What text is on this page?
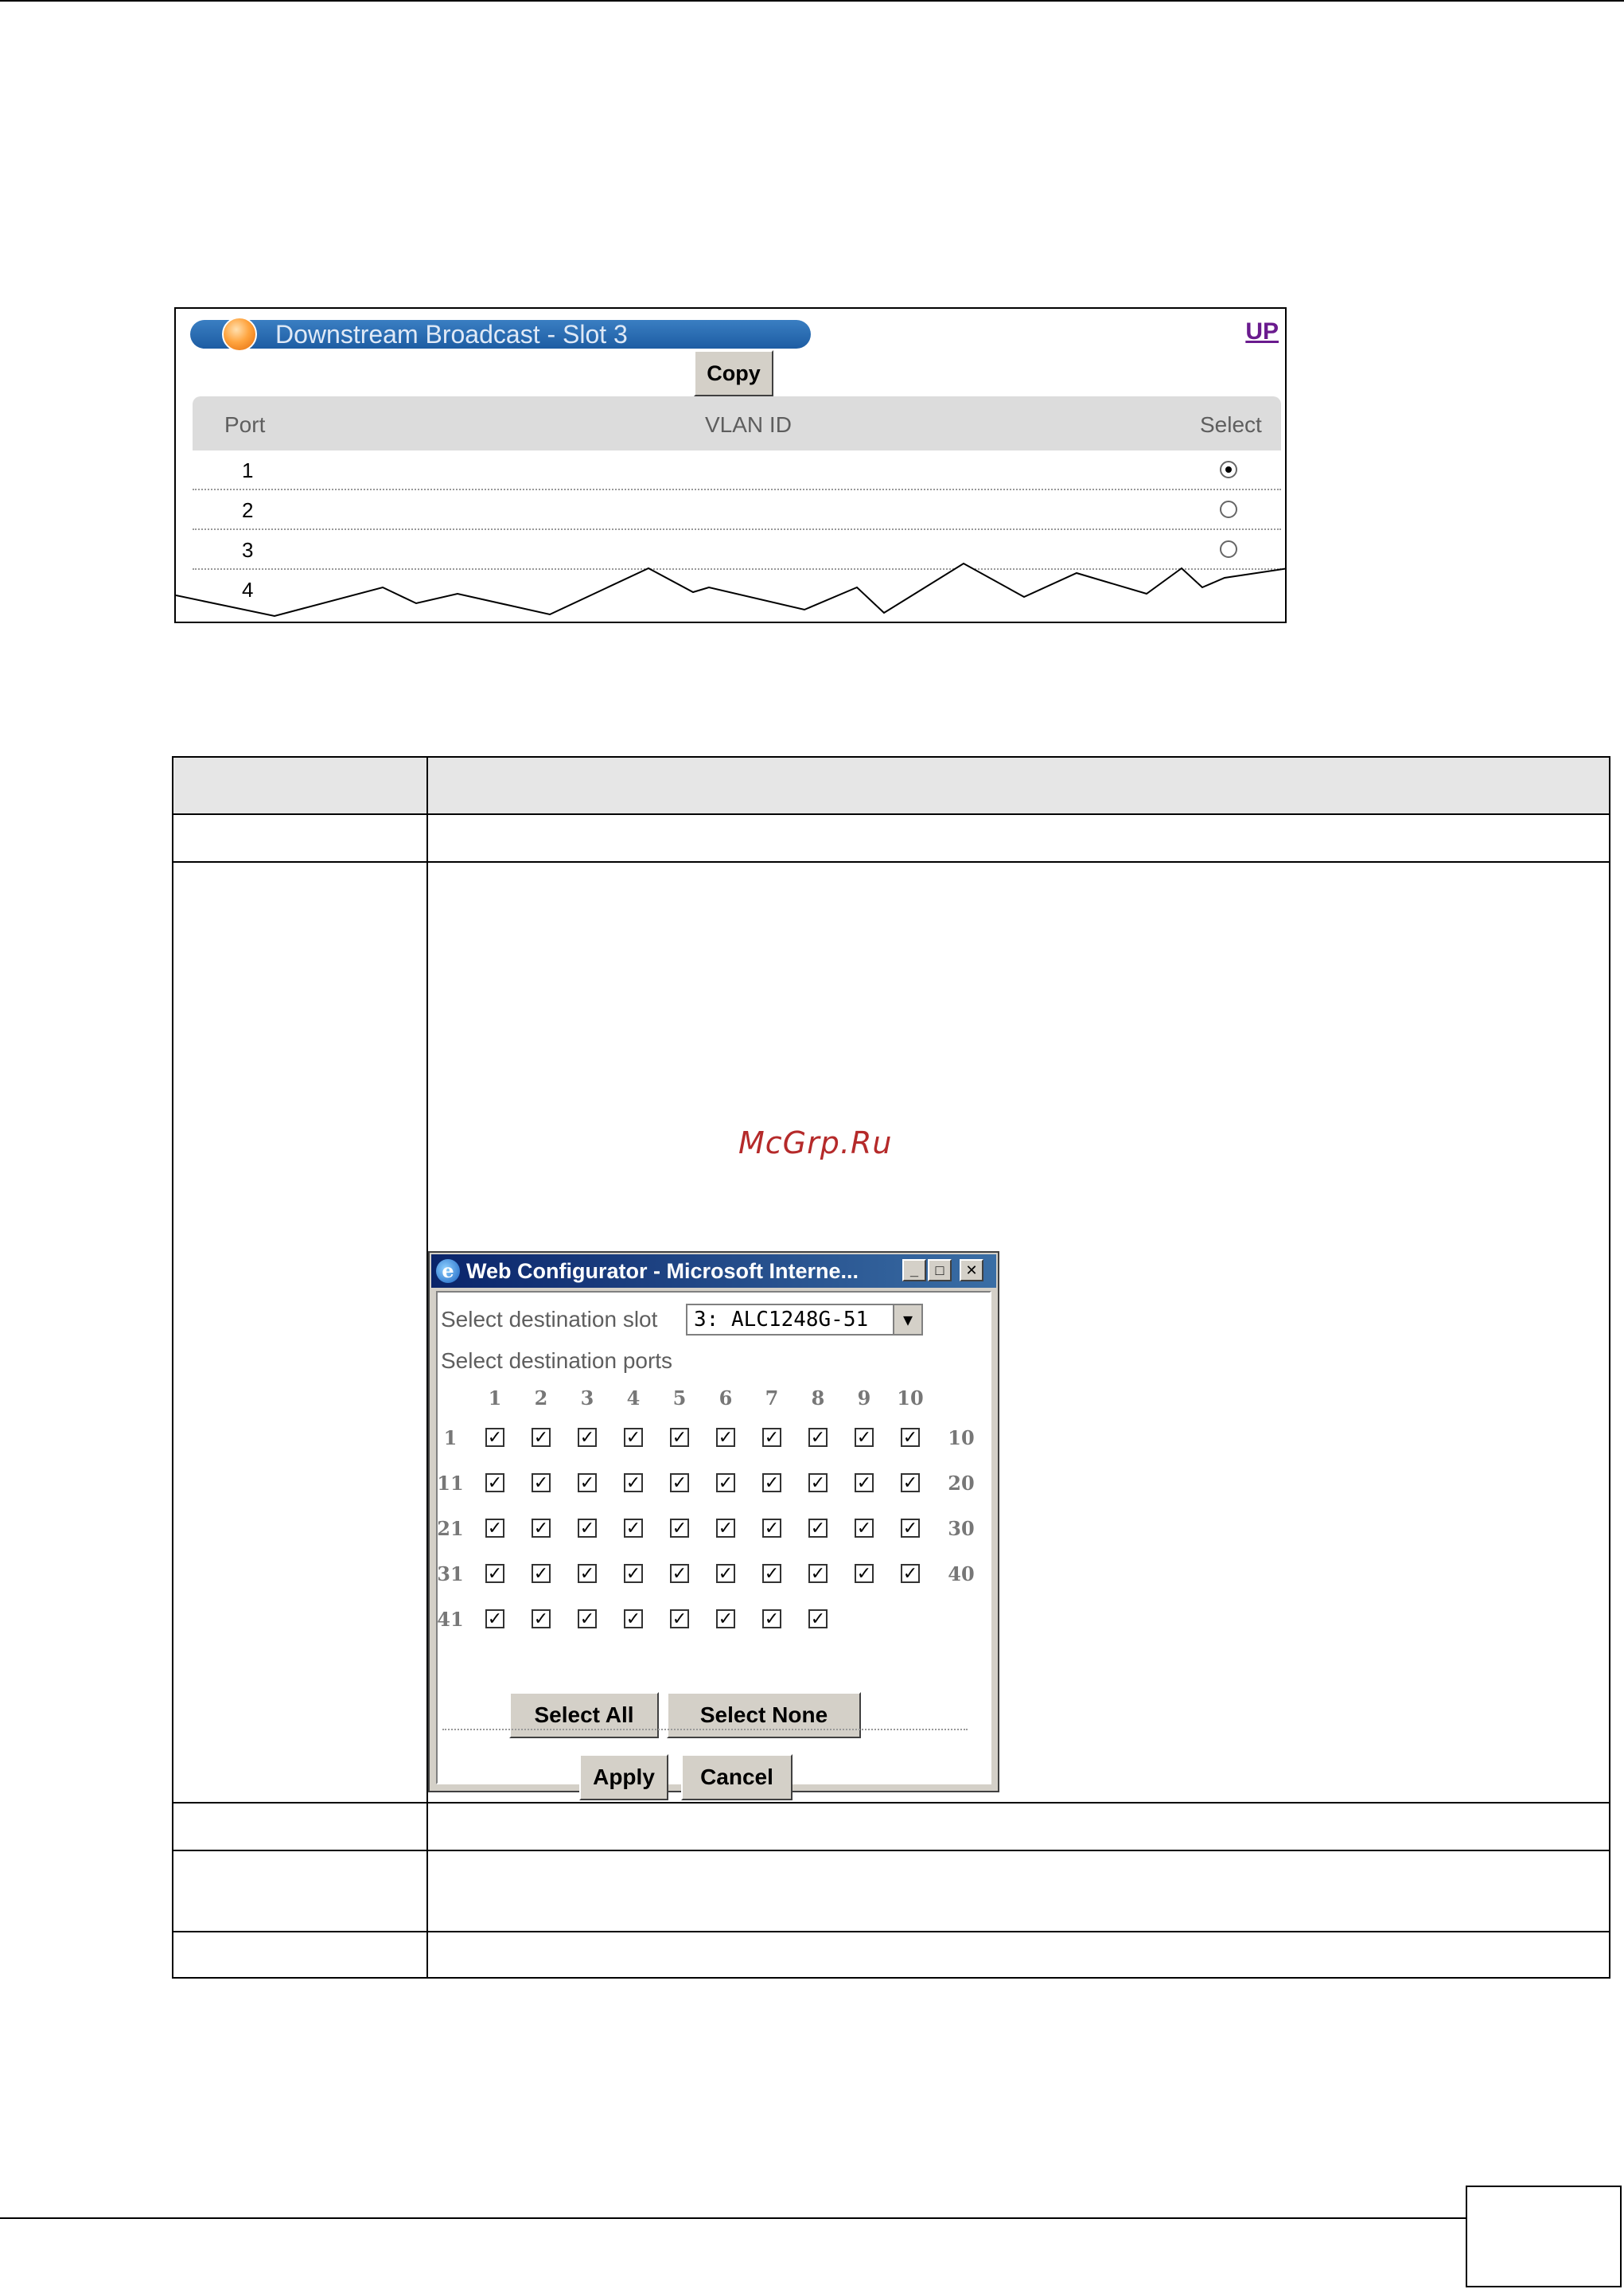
Downstream Broadcast - Slot 3	UP
Copy
Port	VLAN ID	Select
1
2
3
4
McGrp.Ru
e Web Configurator - Microsoft Interne...	_	□	✕
Select destination slot	3: ALC1248G-51	▼
Select destination ports
1	2	3	4	5	6	7	8	9	10
1	✓ ✓ ✓ ✓ ✓ ✓ ✓ ✓ ✓ ✓ 10
11 ✓ ✓ ✓ ✓ ✓ ✓ ✓ ✓ ✓ ✓ 20
21 ✓ ✓ ✓ ✓ ✓ ✓ ✓ ✓ ✓ ✓ 30
31 ✓ ✓ ✓ ✓ ✓ ✓ ✓ ✓ ✓ ✓ 40
41 ✓ ✓ ✓ ✓ ✓ ✓ ✓ ✓
Select All	Select None
Apply	Cancel
